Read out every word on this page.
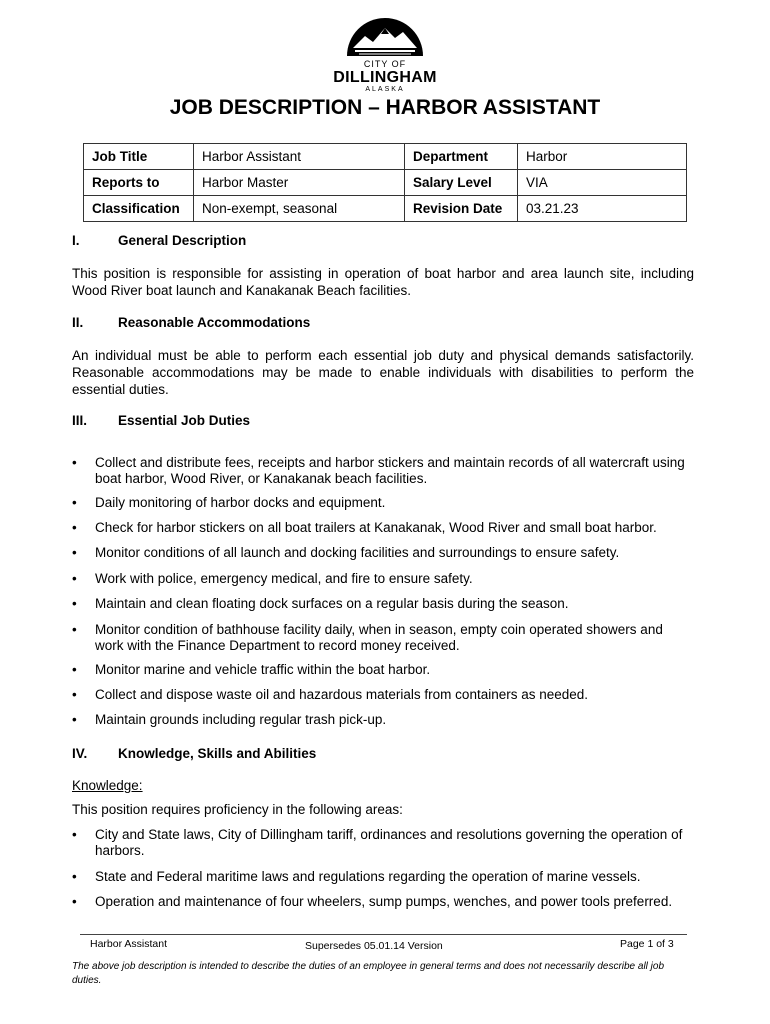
CITY OF
DILLINGHAM
ALASKA
JOB DESCRIPTION – HARBOR ASSISTANT
Job Title	Harbor Assistant	Department	Harbor
Reports to	Harbor Master	Salary Level	VIA
Classification	Non-exempt, seasonal	Revision Date	03.21.23
I.	General Description
This position is responsible for assisting in operation of boat harbor and area launch site, including Wood River boat launch and Kanakanak Beach facilities.
II.	Reasonable Accommodations
An individual must be able to perform each essential job duty and physical demands satisfactorily. Reasonable accommodations may be made to enable individuals with disabilities to perform the essential duties.
III. Essential Job Duties
• Collect and distribute fees, receipts and harbor stickers and maintain records of all watercraft using boat harbor, Wood River, or Kanakanak beach facilities.
• Daily monitoring of harbor docks and equipment.
• Check for harbor stickers on all boat trailers at Kanakanak, Wood River and small boat harbor.
• Monitor conditions of all launch and docking facilities and surroundings to ensure safety.
• Work with police, emergency medical, and fire to ensure safety.
• Maintain and clean floating dock surfaces on a regular basis during the season.
• Monitor condition of bathhouse facility daily, when in season, empty coin operated showers and work with the Finance Department to record money received.
• Monitor marine and vehicle traffic within the boat harbor.
• Collect and dispose waste oil and hazardous materials from containers as needed.
• Maintain grounds including regular trash pick-up.
IV. Knowledge, Skills and Abilities
Knowledge:
This position requires proficiency in the following areas:
• City and State laws, City of Dillingham tariff, ordinances and resolutions governing the operation of harbors.
• State and Federal maritime laws and regulations regarding the operation of marine vessels.
• Operation and maintenance of four wheelers, sump pumps, wenches, and power tools preferred.
Harbor Assistant	Supersedes 05.01.14 Version	Page 1 of 3
The above job description is intended to describe the duties of an employee in general terms and does not necessarily describe all job duties.
